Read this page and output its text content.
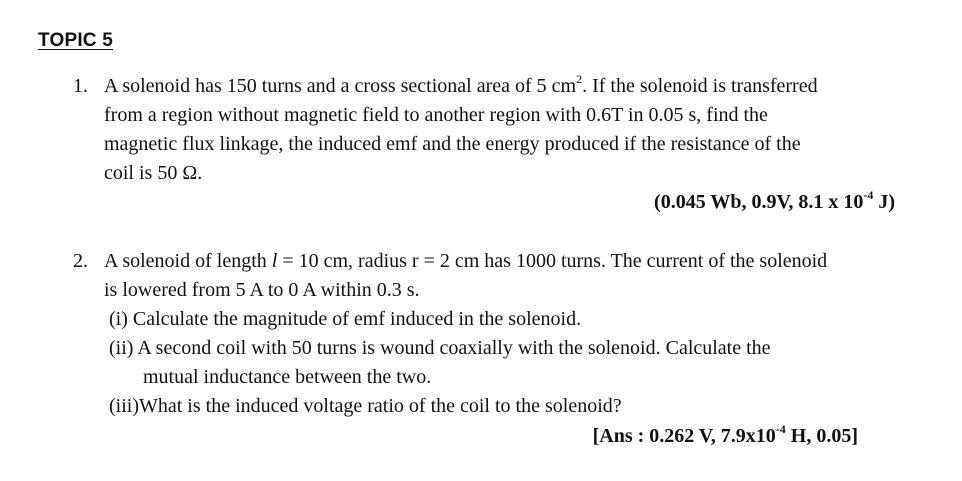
TOPIC 5
1. A solenoid has 150 turns and a cross sectional area of 5 $cm^2$. If the solenoid is transferred
from a region without magnetic field to another region with 0.6T in 0.05 s, find the
magnetic flux linkage, the induced emf and the energy produced if the resistance of the
coil is 50 Ω.
(0.045 Wb, 0.9V, 8.1 x $10^{-4}$ J)
2. A solenoid of length l = 10 cm, radius r = 2 cm has 1000 turns. The current of the solenoid
is lowered from 5 A to 0 A within 0.3 s.
(i) Calculate the magnitude of emf induced in the solenoid.
(ii) A second coil with 50 turns is wound coaxially with the solenoid. Calculate the
mutual inductance between the two.
(iii)What is the induced voltage ratio of the coil to the solenoid?
[Ans : 0.262 V, $7.9x10^{-4}$ H, 0.05]
